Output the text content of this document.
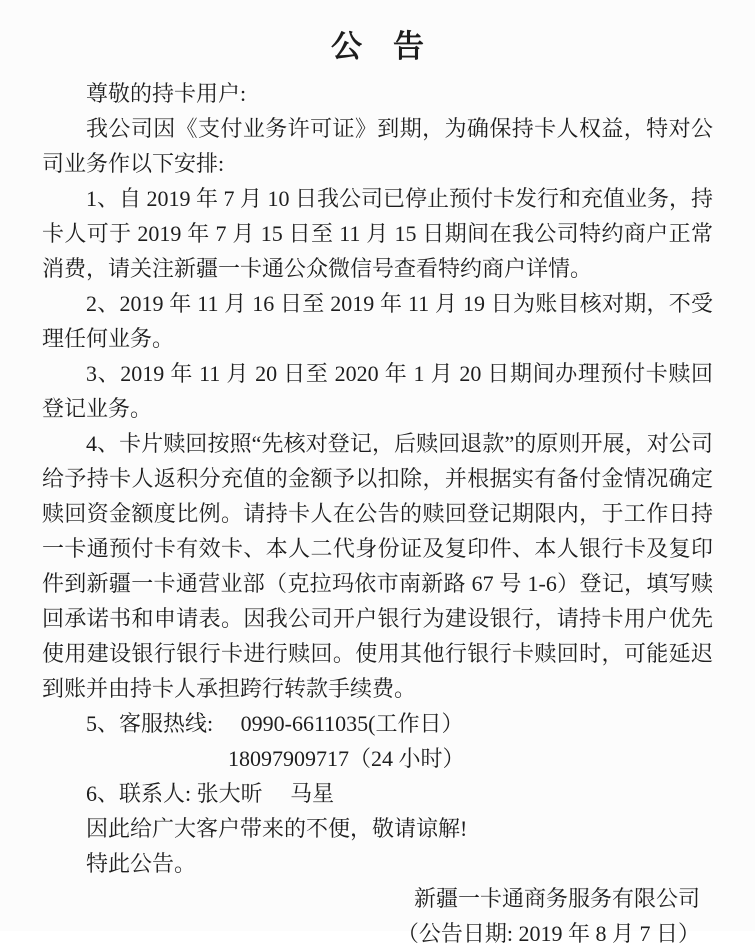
公　告

尊敬的持卡用户:

我公司因《支付业务许可证》到期，为确保持卡人权益，特对公司业务作以下安排:

1、自 2019 年 7 月 10 日我公司已停止预付卡发行和充值业务，持卡人可于 2019 年 7 月 15 日至 11 月 15 日期间在我公司特约商户正常消费，请关注新疆一卡通公众微信号查看特约商户详情。

2、2019 年 11 月 16 日至 2019 年 11 月 19 日为账目核对期，不受理任何业务。

3、2019 年 11 月 20 日至 2020 年 1 月 20 日期间办理预付卡赎回登记业务。

4、卡片赎回按照“先核对登记，后赎回退款”的原则开展，对公司给予持卡人返积分充值的金额予以扣除，并根据实有备付金情况确定赎回资金额度比例。请持卡人在公告的赎回登记期限内，于工作日持一卡通预付卡有效卡、本人二代身份证及复印件、本人银行卡及复印件到新疆一卡通营业部（克拉玛依市南新路 67 号 1-6）登记，填写赎回承诺书和申请表。因我公司开户银行为建设银行，请持卡用户优先使用建设银行银行卡进行赎回。使用其他行银行卡赎回时，可能延迟到账并由持卡人承担跨行转款手续费。

5、客服热线:　 0990-6611035(工作日）

18097909717（24 小时）

6、联系人: 张大昕　 马星

因此给广大客户带来的不便，敬请谅解!

特此公告。

新疆一卡通商务服务有限公司
（公告日期: 2019 年 8 月 7 日）
